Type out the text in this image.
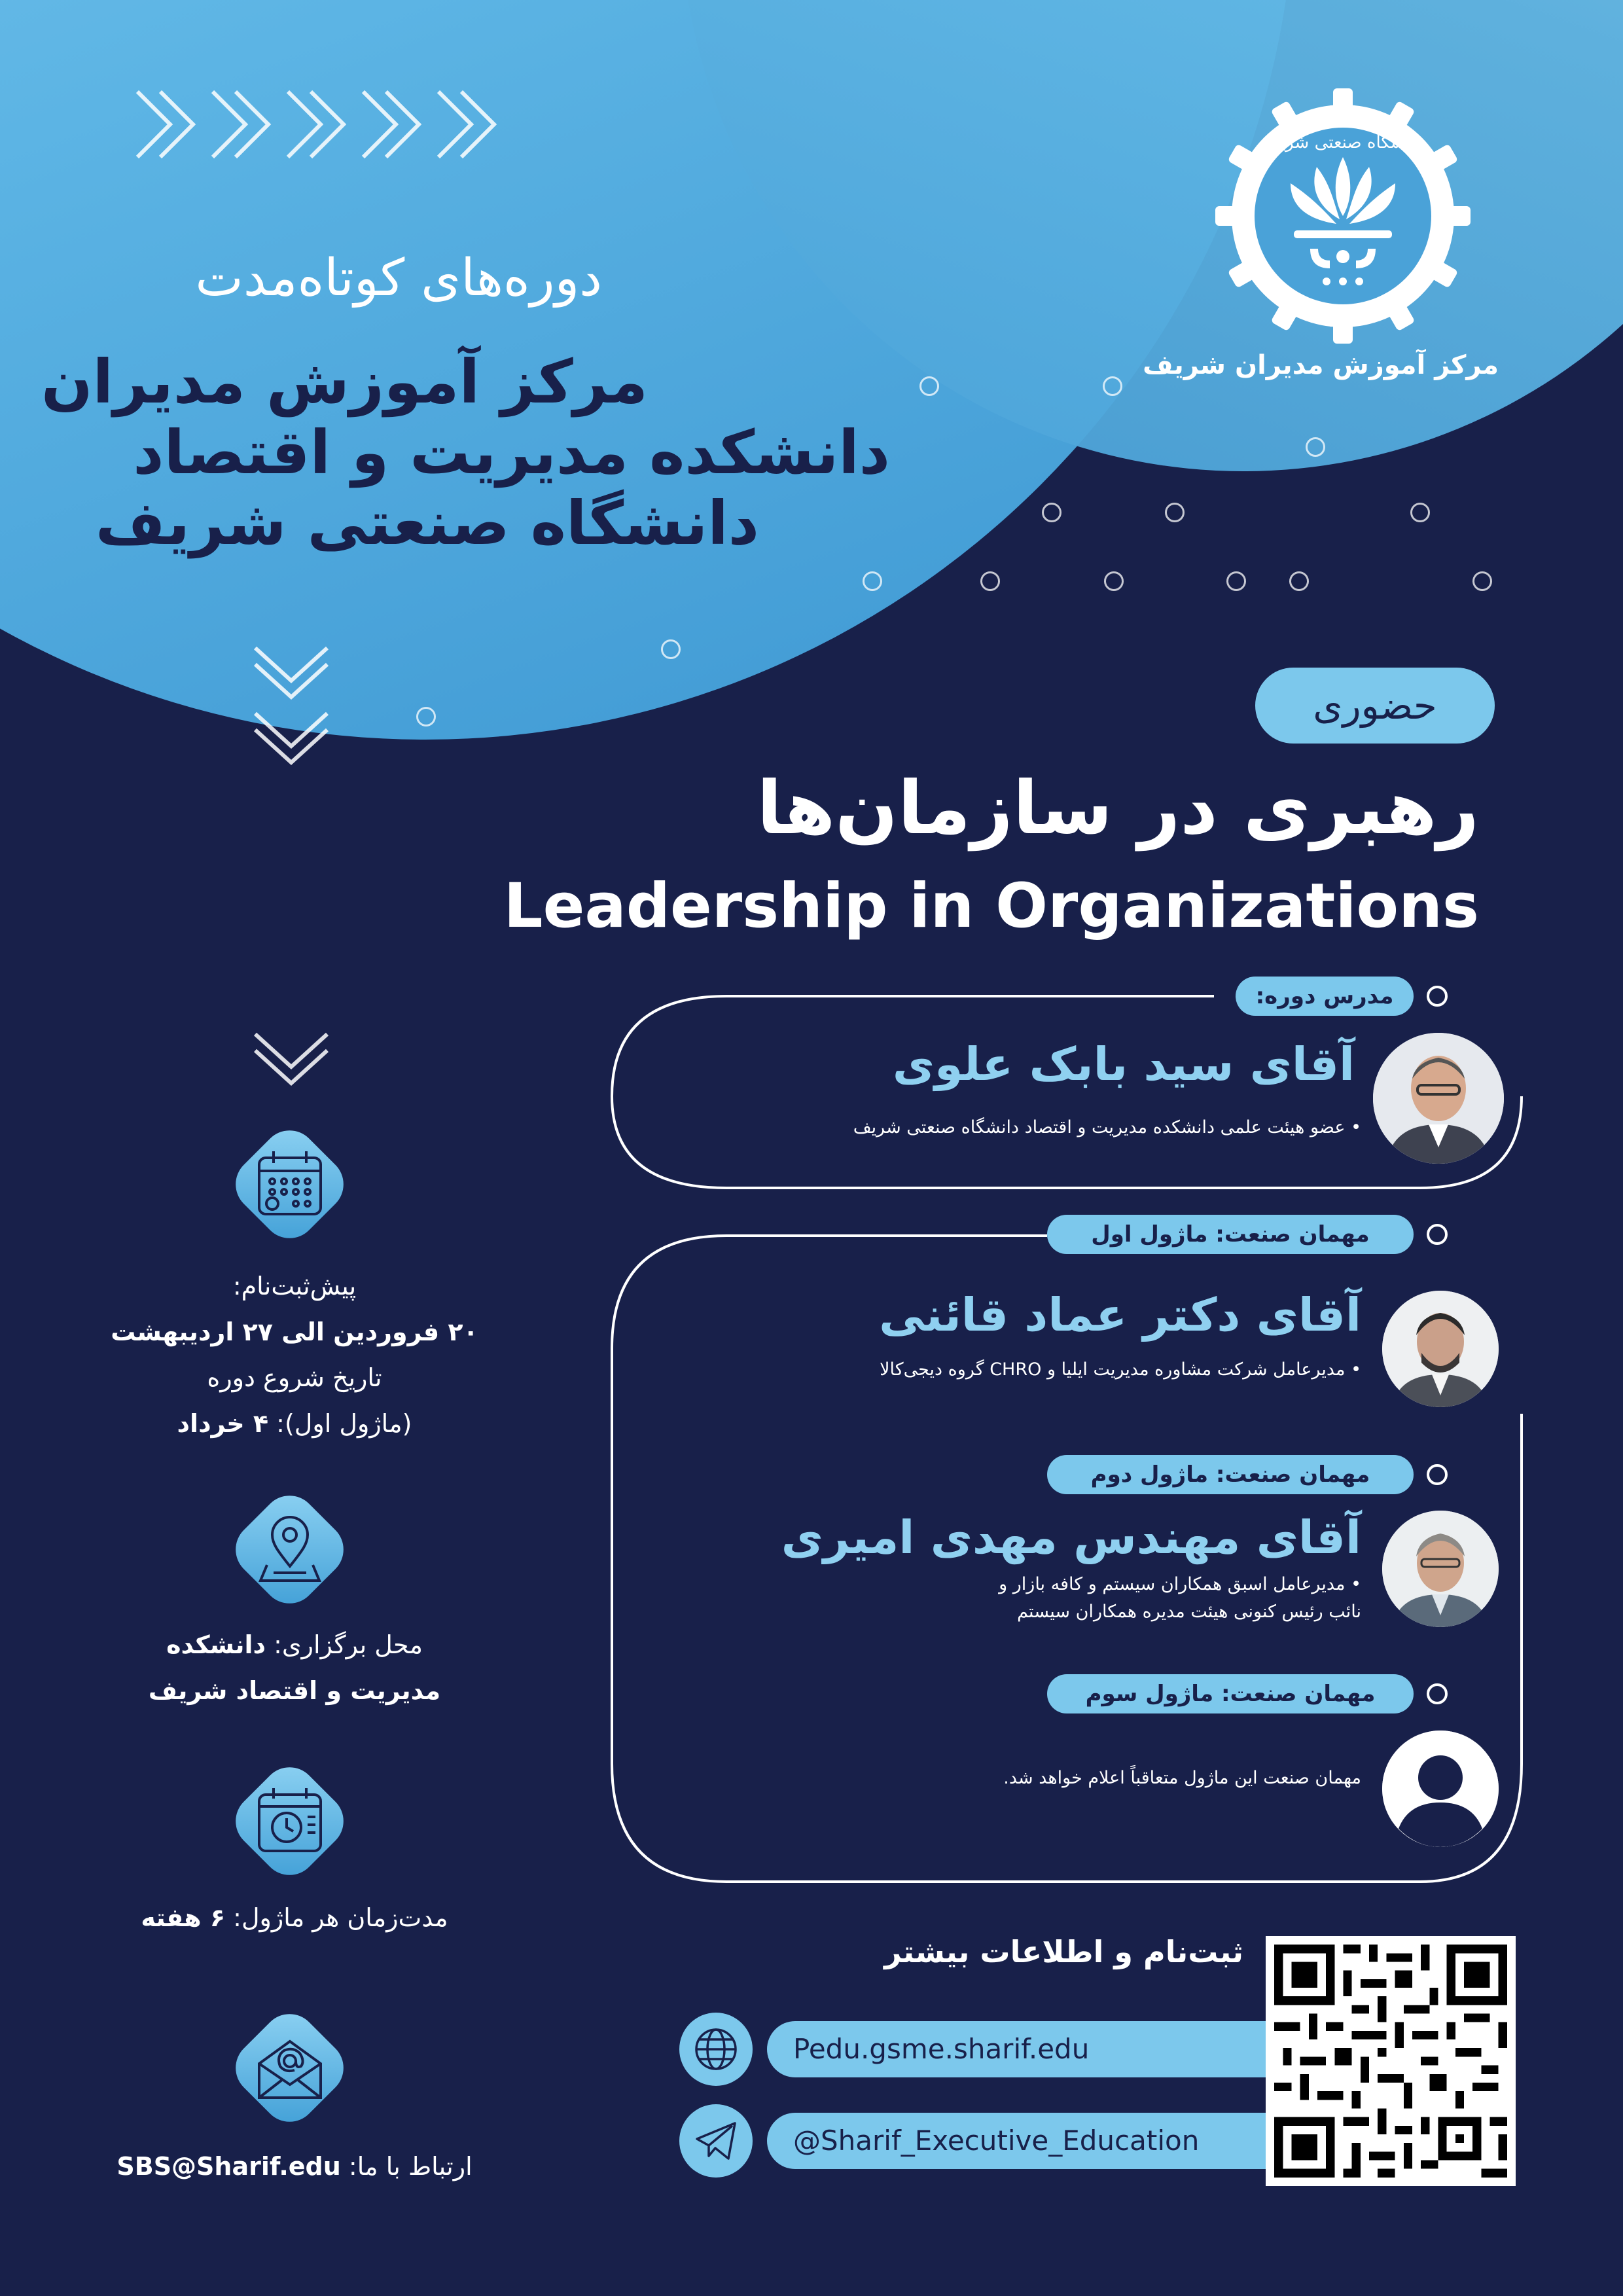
دوره‌های کوتاه‌مدت
مرکز آموزش مدیران
دانشکده مدیریت و اقتصاد
دانشگاه صنعتی شریف
دانشگاه صنعتی شریف
مرکز آموزش مدیران شریف
حضوری
رهبری در سازمان‌ها
Leadership in Organizations
مدرس دوره:
آقای سید بابک علوی
• عضو هیئت علمی دانشکده مدیریت و اقتصاد دانشگاه صنعتی شریف
مهمان صنعت: ماژول اول
آقای دکتر عماد قائنی
• مدیرعامل شرکت مشاوره مدیریت ایلیا و CHRO گروه دیجی‌کالا
مهمان صنعت: ماژول دوم
آقای مهندس مهدی امیری
• مدیرعامل اسبق همکاران سیستم و کافه بازار و
نائب رئیس کنونی هیئت مدیره همکاران سیستم
مهمان صنعت: ماژول سوم
مهمان صنعت این ماژول متعاقباً اعلام خواهد شد.
پیش‌ثبت‌نام:
۲۰ فروردین الی ۲۷ اردیبهشت
تاریخ شروع دوره
(ماژول اول): ۴ خرداد
محل برگزاری: دانشکده
مدیریت و اقتصاد شریف
مدت‌زمان هر ماژول: ۶ هفته
ارتباط با ما: SBS@Sharif.edu
ثبت‌نام و اطلاعات بیشتر
Pedu.gsme.sharif.edu
@Sharif_Executive_Education
